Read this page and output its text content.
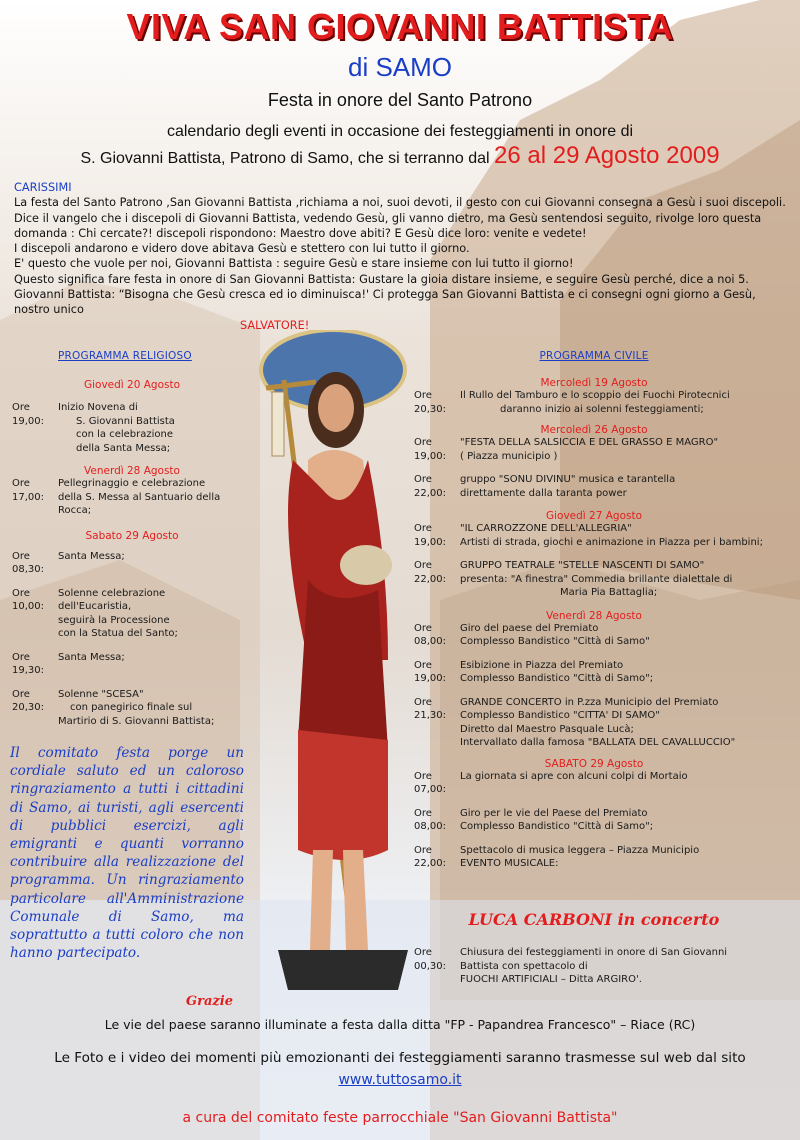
VIVA SAN GIOVANNI BATTISTA
di SAMO
Festa in onore del Santo Patrono
calendario degli eventi in occasione dei festeggiamenti in onore di
S. Giovanni Battista, Patrono di Samo, che si terranno dal 26 al 29 Agosto 2009

CARISSIMI

La festa del Santo Patrono ,San Giovanni Battista ,richiama a noi, suoi devoti, il gesto con cui Giovanni consegna a Gesù i suoi discepoli.

Dice il vangelo che i discepoli di Giovanni Battista, vedendo Gesù, gli vanno dietro, ma Gesù sentendosi seguito, rivolge loro questa domanda : Chi cercate?! discepoli rispondono: Maestro dove abiti? E Gesù dice loro: venite e vedete!

I discepoli andarono e videro dove abitava Gesù e stettero con lui tutto il giorno.

E' questo che vuole per noi, Giovanni Battista : seguire Gesù e stare insieme con lui tutto il giorno!

Questo significa fare festa in onore di San Giovanni Battista: Gustare la gioia distare insieme, e seguire Gesù perché, dice a noi 5. Giovanni Battista: “Bisogna che Gesù cresca ed io diminuisca!' Ci protegga San Giovanni Battista e ci consegni ogni giorno a Gesù, nostro unico

SALVATORE!

PROGRAMMA RELIGIOSO
Giovedì 20 Agosto
Ore 19,00:
Inizio Novena di
S. Giovanni Battista
con la celebrazione
della Santa Messa;
Venerdì 28 Agosto
Ore 17,00:
Pellegrinaggio e celebrazione
della S. Messa al Santuario della
Rocca;
Sabato 29 Agosto
Ore 08,30:
Santa Messa;
Ore 10,00:
Solenne celebrazione
dell'Eucaristia,
seguirà la Processione
con la Statua del Santo;
Ore 19,30:
Santa Messa;
Ore 20,30:
Solenne "SCESA"
con panegirico finale sul
Martirio di S. Giovanni Battista;
PROGRAMMA CIVILE
Mercoledì 19 Agosto
Ore 20,30:
Il Rullo del Tamburo e lo scoppio dei Fuochi Pirotecnici
daranno inizio ai solenni festeggiamenti;
Mercoledì 26 Agosto
Ore 19,00:
"FESTA DELLA SALSICCIA E DEL GRASSO E MAGRO"
( Piazza municipio )
Ore 22,00:
gruppo "SONU DIVINU" musica e tarantella
direttamente dalla taranta power
Giovedì 27 Agosto
Ore 19,00:
"IL CARROZZONE DELL'ALLEGRIA"
Artisti di strada, giochi e animazione in Piazza per i bambini;
Ore 22,00:
GRUPPO TEATRALE "STELLE NASCENTI DI SAMO"
presenta: "A finestra" Commedia brillante dialettale di
Maria Pia Battaglia;
Venerdì 28 Agosto
Ore 08,00:
Giro del paese del Premiato
Complesso Bandistico "Città di Samo"
Ore 19,00:
Esibizione in Piazza del Premiato
Complesso Bandistico "Città di Samo";
Ore 21,30:
GRANDE CONCERTO in P.zza Municipio del Premiato
Complesso Bandistico "CITTA' DI SAMO"
Diretto dal Maestro Pasquale Lucà;
Intervallato dalla famosa "BALLATA DEL CAVALLUCCIO"
SABATO 29 Agosto
Ore 07,00:
La giornata si apre con alcuni colpi di Mortaio
Ore 08,00:
Giro per le vie del Paese del Premiato
Complesso Bandistico "Città di Samo";
Ore 22,00:
Spettacolo di musica leggera – Piazza Municipio
EVENTO MUSICALE:
LUCA CARBONI in concerto
Ore 00,30:
Chiusura dei festeggiamenti in onore di San Giovanni
Battista con spettacolo di
FUOCHI ARTIFICIALI – Ditta ARGIRO'.
Il comitato festa porge un cordiale saluto ed un caloroso ringraziamento a tutti i cittadini di Samo, ai turisti, agli esercenti di pubblici esercizi, agli emigranti e quanti vorranno contribuire alla realizzazione del programma. Un ringraziamento particolare all'Amministrazione Comunale di Samo, ma soprattutto a tutti coloro che non hanno partecipato.
Grazie
Le vie del paese saranno illuminate a festa dalla ditta "FP - Papandrea Francesco" – Riace (RC)
Le Foto e i video dei momenti più emozionanti dei festeggiamenti saranno trasmesse sul web dal sito
www.tuttosamo.it
a cura del comitato feste parrocchiale "San Giovanni Battista"
